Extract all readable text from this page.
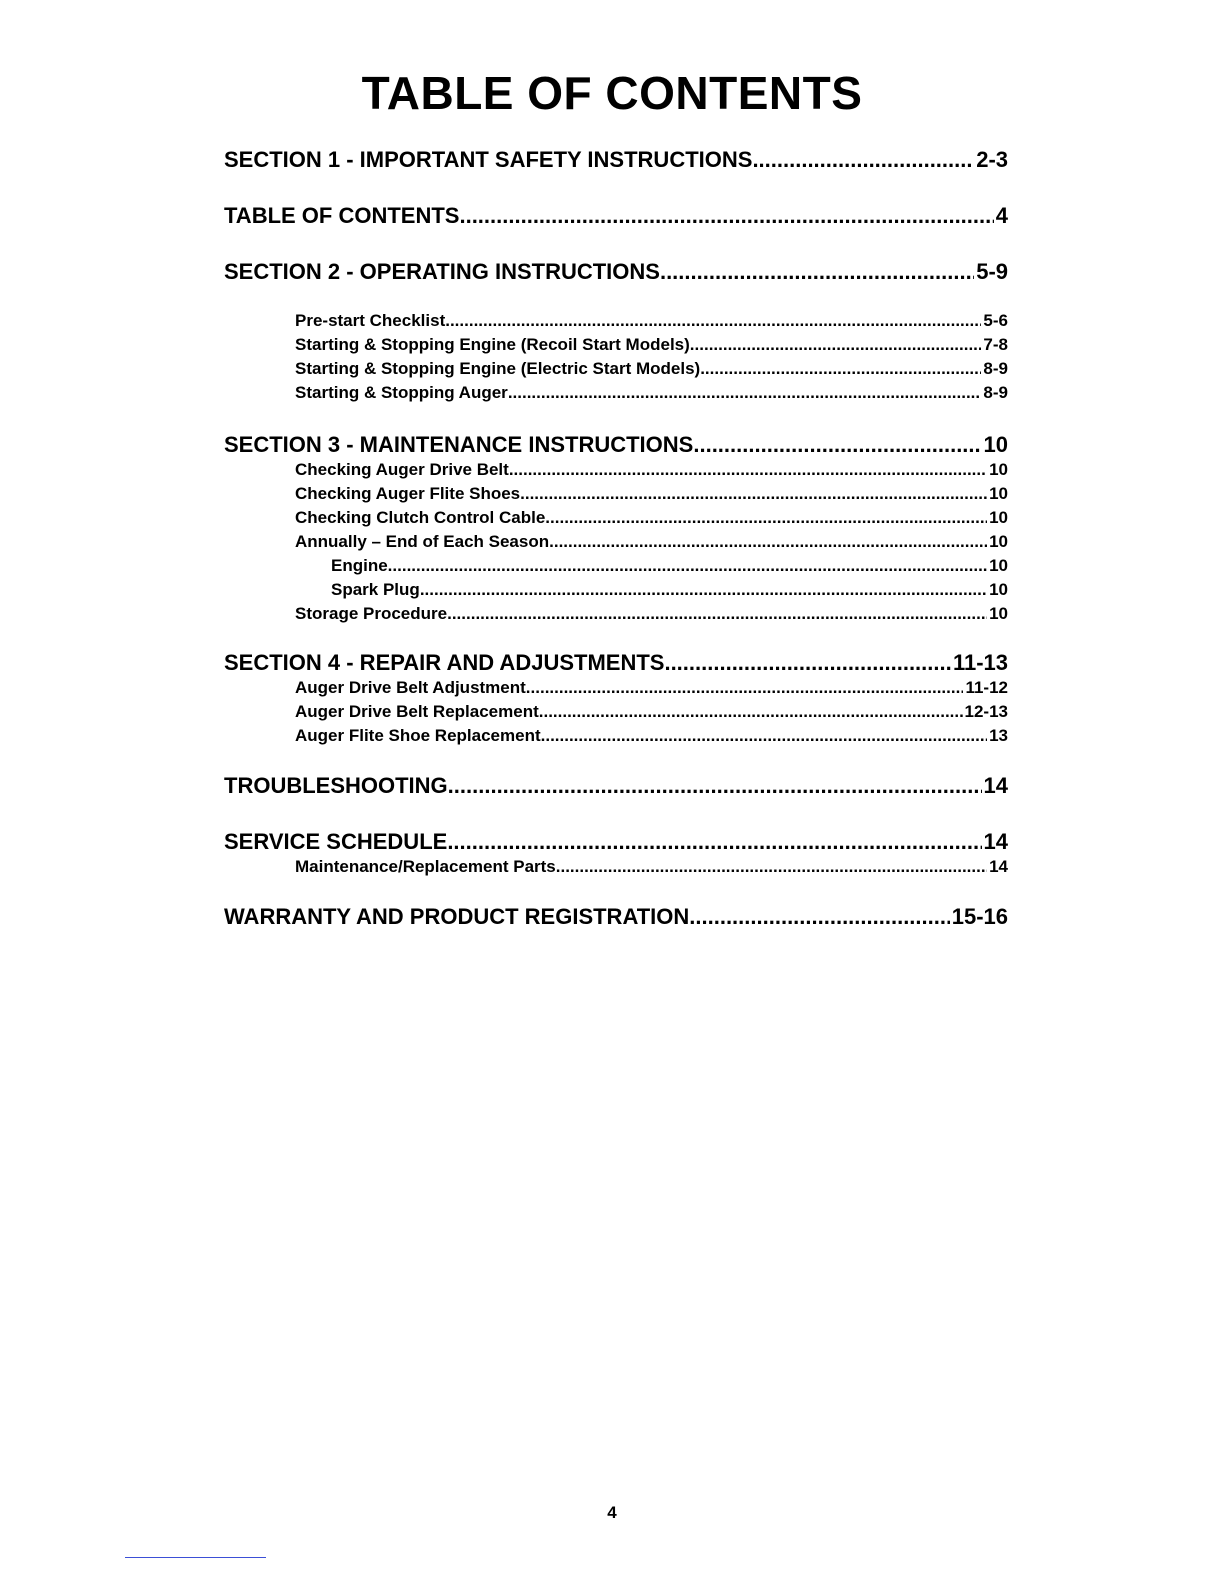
TABLE OF CONTENTS
SECTION 1 - IMPORTANT SAFETY INSTRUCTIONS .....	2-3
TABLE OF CONTENTS .....	4
SECTION 2 - OPERATING INSTRUCTIONS .....	5-9
Pre-start Checklist .....	5-6
Starting & Stopping Engine (Recoil Start Models) .....	7-8
Starting & Stopping Engine (Electric Start Models) .....	8-9
Starting & Stopping Auger .....	8-9
SECTION 3 - MAINTENANCE INSTRUCTIONS .....	10
Checking Auger Drive Belt .....	10
Checking Auger Flite Shoes .....	10
Checking Clutch Control Cable .....	10
Annually – End of Each Season .....	10
Engine .....	10
Spark Plug .....	10
Storage Procedure .....	10
SECTION 4 - REPAIR AND ADJUSTMENTS .....	11-13
Auger Drive Belt Adjustment .....	11-12
Auger Drive Belt Replacement .....	12-13
Auger Flite Shoe Replacement .....	13
TROUBLESHOOTING .....	14
SERVICE SCHEDULE .....	14
Maintenance/Replacement Parts .....	14
WARRANTY AND PRODUCT REGISTRATION .....	15-16
4
